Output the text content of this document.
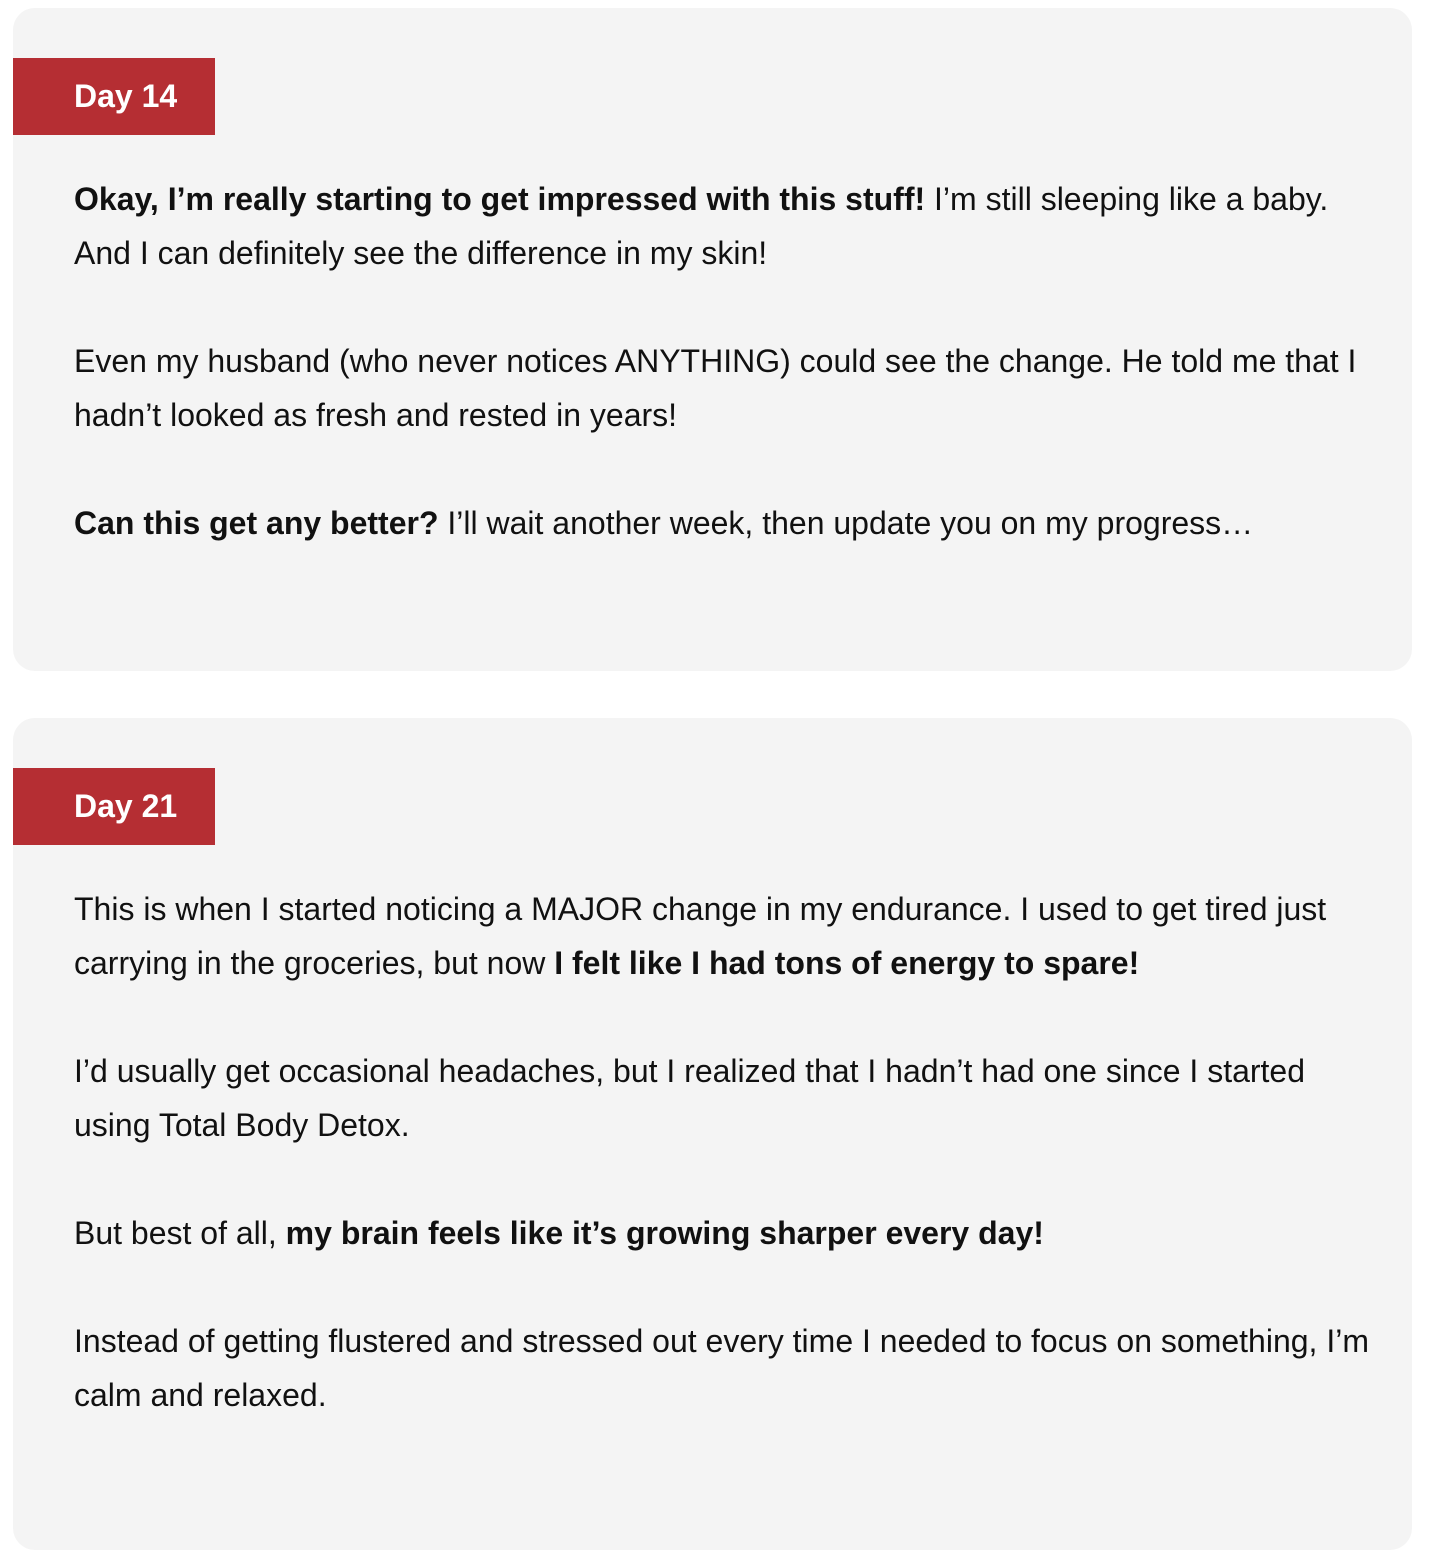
Day 14

Okay, I’m really starting to get impressed with this stuff! I’m still sleeping like a baby. And I can definitely see the difference in my skin!

Even my husband (who never notices ANYTHING) could see the change. He told me that I hadn’t looked as fresh and rested in years!

Can this get any better? I’ll wait another week, then update you on my progress…

Day 21

This is when I started noticing a MAJOR change in my endurance. I used to get tired just carrying in the groceries, but now I felt like I had tons of energy to spare!

I’d usually get occasional headaches, but I realized that I hadn’t had one since I started using Total Body Detox.

But best of all, my brain feels like it’s growing sharper every day!

Instead of getting flustered and stressed out every time I needed to focus on something, I’m calm and relaxed.
